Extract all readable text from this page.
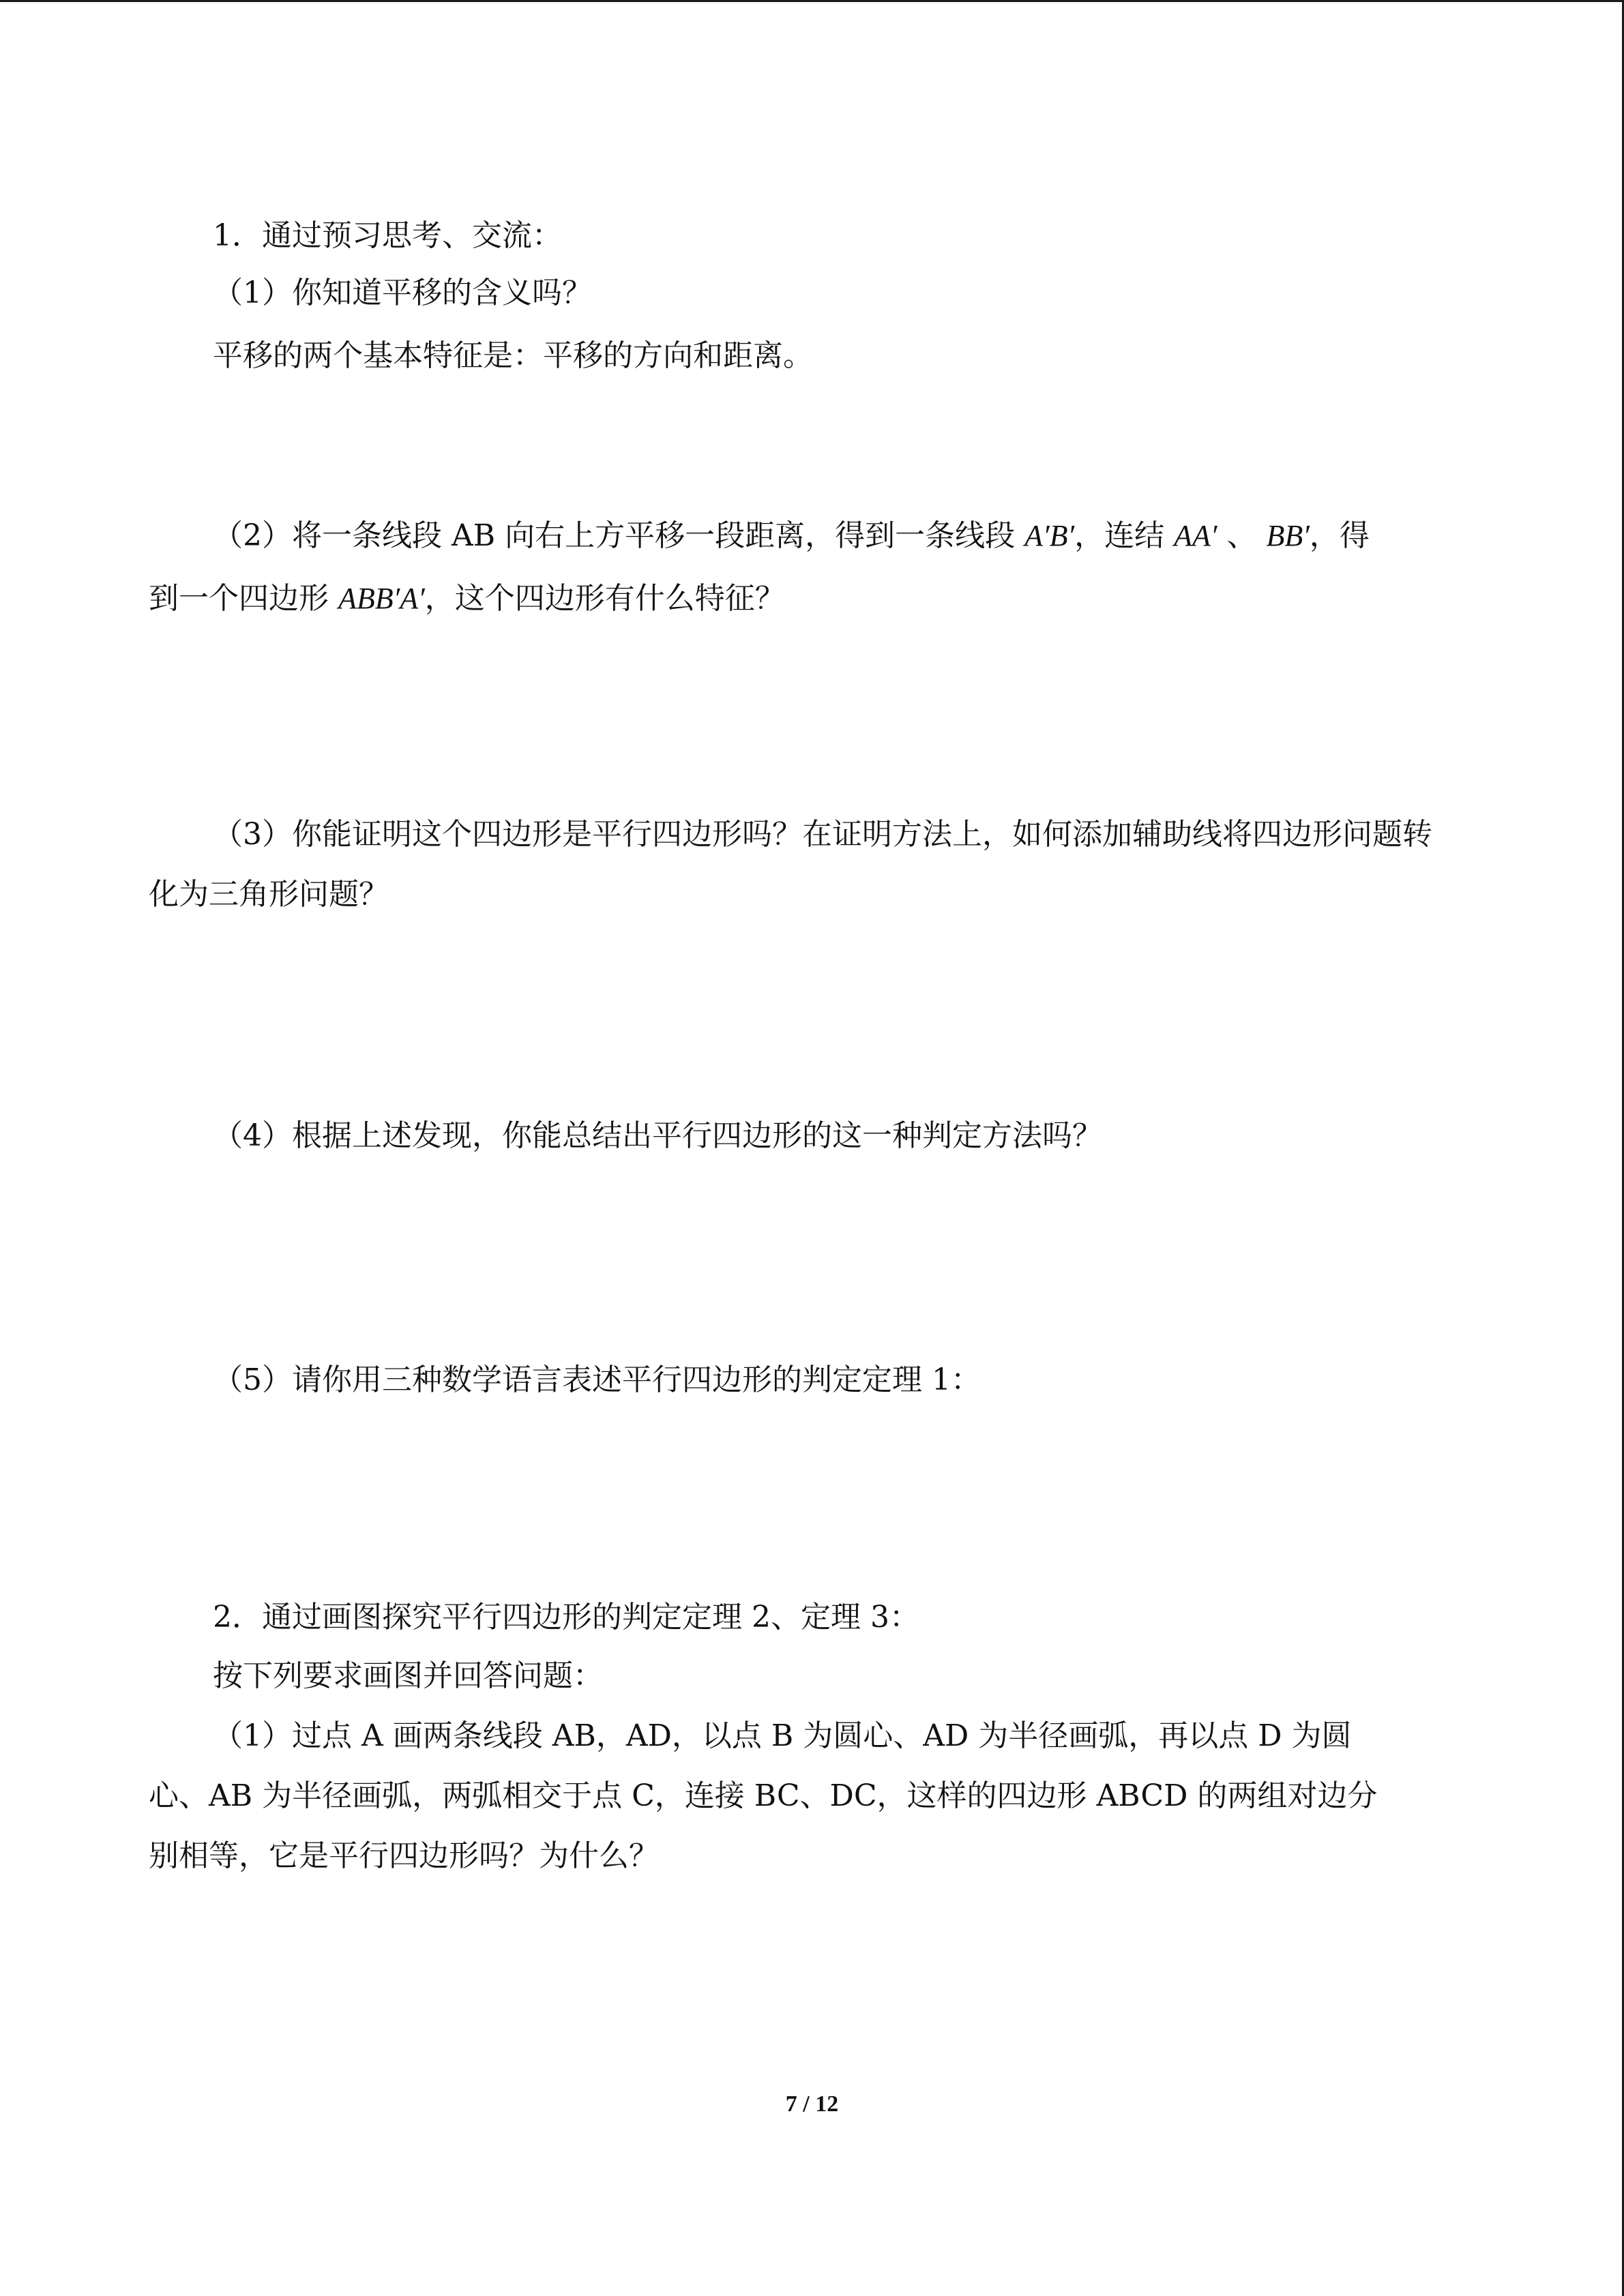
1．通过预习思考、交流：
（1）你知道平移的含义吗？
平移的两个基本特征是：平移的方向和距离。
（2）将一条线段 AB 向右上方平移一段距离，得到一条线段 A′B′，连结 AA′ 、 BB′，得
到一个四边形 ABB′A′，这个四边形有什么特征？
（3）你能证明这个四边形是平行四边形吗？在证明方法上，如何添加辅助线将四边形问题转
化为三角形问题？
（4）根据上述发现，你能总结出平行四边形的这一种判定方法吗？
（5）请你用三种数学语言表述平行四边形的判定定理 1：
2．通过画图探究平行四边形的判定定理 2、定理 3：
按下列要求画图并回答问题：
（1）过点 A 画两条线段 AB，AD，以点 B 为圆心、AD 为半径画弧，再以点 D 为圆
心、AB 为半径画弧，两弧相交于点 C，连接 BC、DC，这样的四边形 ABCD 的两组对边分
别相等，它是平行四边形吗？为什么？
7 / 12
